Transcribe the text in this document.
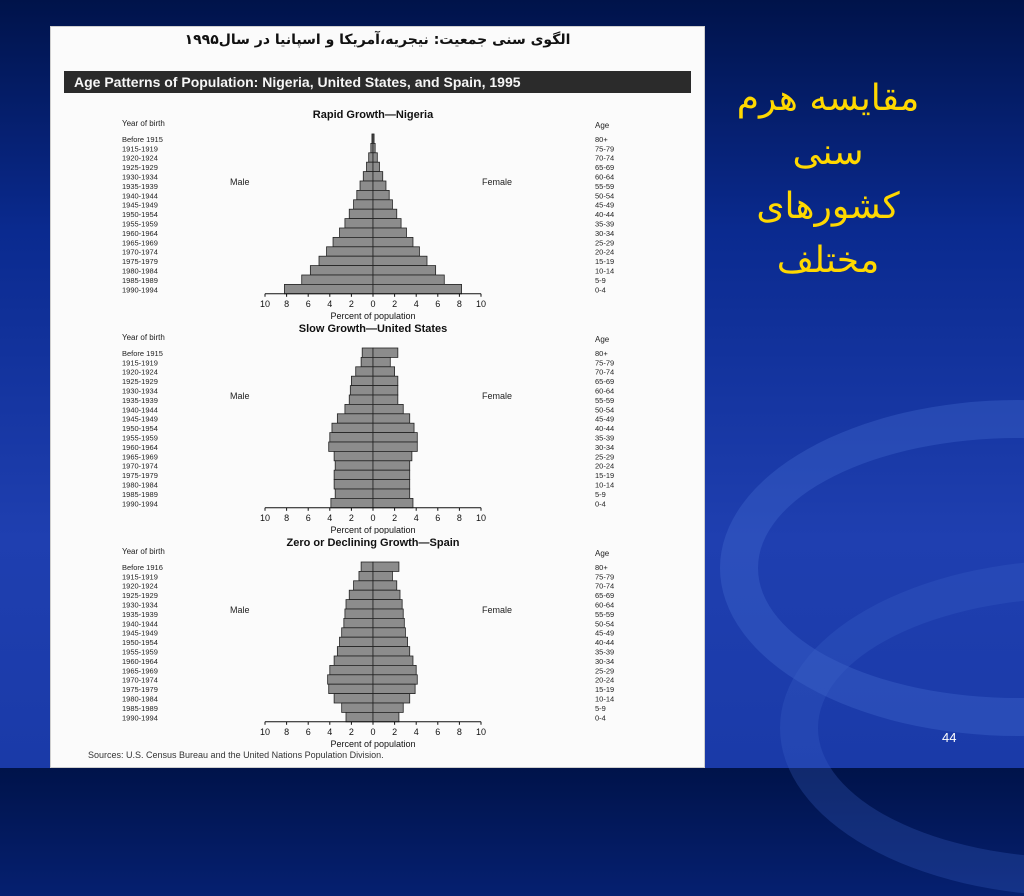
الگوی سنی جمعیت: نیجریه،آمریکا و اسپانیا در سال۱۹۹۵
Age Patterns of Population: Nigeria, United States, and Spain, 1995
Rapid Growth—Nigeria
Year of birth	Age
Before 1915	80+
1915-1919	75-79
1920-1924	70-74
1925-1929	65-69
1930-1934	60-64
1935-1939	55-59
1940-1944	50-54
1945-1949	45-49
1950-1954	40-44
1955-1959	35-39
1960-1964	30-34
1965-1969	25-29
1970-1974	20-24
1975-1979	15-19
1980-1984	10-14
1985-1989	5-9
1990-1994	0-4
Male	Female
10 8 6 4 2 0 2 4 6 8 10
Percent of population
Slow Growth—United States
Year of birth	Age
Before 1915	80+
1915-1919	75-79
1920-1924	70-74
1925-1929	65-69
1930-1934	60-64
1935-1939	55-59
1940-1944	50-54
1945-1949	45-49
1950-1954	40-44
1955-1959	35-39
1960-1964	30-34
1965-1969	25-29
1970-1974	20-24
1975-1979	15-19
1980-1984	10-14
1985-1989	5-9
1990-1994	0-4
Male	Female
10 8 6 4 2 0 2 4 6 8 10
Percent of population
Zero or Declining Growth—Spain
Year of birth	Age
Before 1916	80+
1915-1919	75-79
1920-1924	70-74
1925-1929	65-69
1930-1934	60-64
1935-1939	55-59
1940-1944	50-54
1945-1949	45-49
1950-1954	40-44
1955-1959	35-39
1960-1964	30-34
1965-1969	25-29
1970-1974	20-24
1975-1979	15-19
1980-1984	10-14
1985-1989	5-9
1990-1994	0-4
Male	Female
10 8 6 4 2 0 2 4 6 8 10
Percent of population
Sources: U.S. Census Bureau and the United Nations Population Division.
مقایسه هرم
سنی
کشورهای
مختلف
44
